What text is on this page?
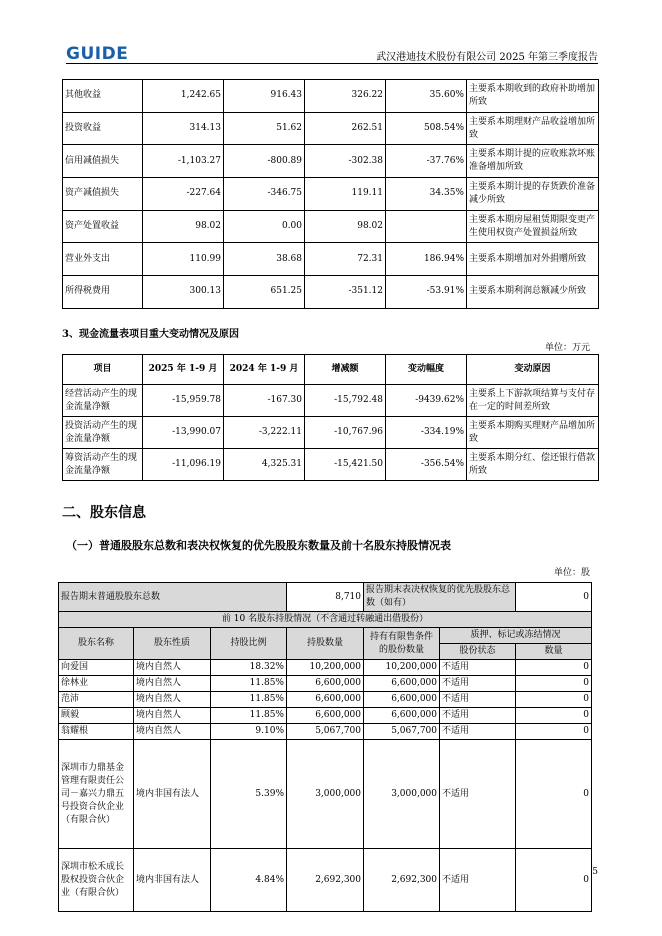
GUIDE	武汉港迪技术股份有限公司 2025 年第三季度报告
其他收益	1,242.65	916.43	326.22	35.60%	主要系本期收到的政府补助增加所致
投资收益	314.13	51.62	262.51	508.54%	主要系本期理财产品收益增加所致
信用减值损失	-1,103.27	-800.89	-302.38	-37.76%	主要系本期计提的应收账款坏账准备增加所致
资产减值损失	-227.64	-346.75	119.11	34.35%	主要系本期计提的存货跌价准备减少所致
资产处置收益	98.02	0.00	98.02		主要系本期房屋租赁期限变更产生使用权资产处置损益所致
营业外支出	110.99	38.68	72.31	186.94%	主要系本期增加对外捐赠所致
所得税费用	300.13	651.25	-351.12	-53.91%	主要系本期利润总额减少所致
3、现金流量表项目重大变动情况及原因
单位：万元
项目	2025 年 1-9 月	2024 年 1-9 月	增减额	变动幅度	变动原因
经营活动产生的现金流量净额	-15,959.78	-167.30	-15,792.48	-9439.62%	主要系上下游款项结算与支付存在一定的时间差所致
投资活动产生的现金流量净额	-13,990.07	-3,222.11	-10,767.96	-334.19%	主要系本期购买理财产品增加所致
筹资活动产生的现金流量净额	-11,096.19	4,325.31	-15,421.50	-356.54%	主要系本期分红、偿还银行借款所致
二、股东信息
（一）普通股股东总数和表决权恢复的优先股股东数量及前十名股东持股情况表
单位：股
报告期末普通股股东总数			8,710	报告期末表决权恢复的优先股股东总数（如有）		0
前 10 名股东持股情况（不含通过转融通出借股份）						
股东名称	股东性质	持股比例	持股数量	持有有限售条件的股份数量	质押、标记或冻结情况	
					股份状态	数量
向爱国	境内自然人	18.32%	10,200,000	10,200,000	不适用	0
徐林业	境内自然人	11.85%	6,600,000	6,600,000	不适用	0
范沛	境内自然人	11.85%	6,600,000	6,600,000	不适用	0
顾毅	境内自然人	11.85%	6,600,000	6,600,000	不适用	0
翁耀根	境内自然人	9.10%	5,067,700	5,067,700	不适用	0
深圳市力鼎基金管理有限责任公司－嘉兴力鼎五号投资合伙企业（有限合伙）	境内非国有法人	5.39%	3,000,000	3,000,000	不适用	0
深圳市松禾成长股权投资合伙企业（有限合伙）	境内非国有法人	4.84%	2,692,300	2,692,300	不适用	0
5
